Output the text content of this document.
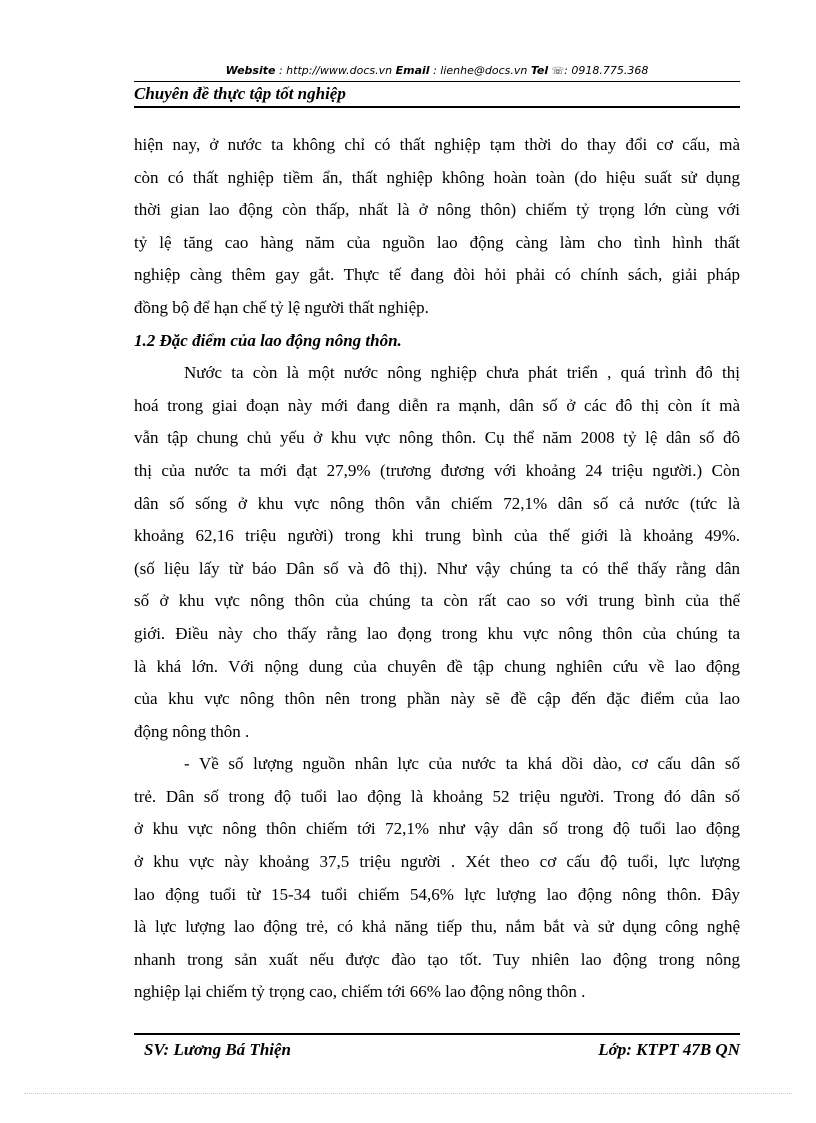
Website : http://www.docs.vn Email : lienhe@docs.vn Tel ☏: 0918.775.368
Chuyên đề thực tập tốt nghiệp
hiện nay, ở nước ta không chỉ có thất nghiệp tạm thời do thay đổi cơ cấu, mà
còn có thất nghiệp tiềm ẩn, thất nghiệp không hoàn toàn (do hiệu suất sử dụng
thời gian lao động còn thấp, nhất là ở nông thôn) chiếm tỷ trọng lớn cùng với
tỷ lệ tăng cao hàng năm của nguồn lao động càng làm cho tình hình thất
nghiệp càng thêm gay gắt. Thực tế đang đòi hỏi phải có chính sách, giải pháp
đồng bộ để hạn chế tỷ lệ người thất nghiệp.
1.2 Đặc điểm của lao động nông thôn.
Nước ta còn là một nước nông nghiệp chưa phát triển , quá trình đô thị
hoá trong giai đoạn này mới đang diễn ra mạnh, dân số ở các đô thị còn ít mà
vẫn tập chung chủ yếu ở khu vực nông thôn. Cụ thể năm 2008 tỷ lệ dân số đô
thị của nước ta mới đạt 27,9% (trương đương với khoảng 24 triệu người.) Còn
dân số sống ở khu vực nông thôn vẫn chiếm 72,1% dân số cả nước (tức là
khoảng 62,16 triệu người) trong khi trung bình của thế giới là khoảng 49%.
(số liệu lấy từ báo Dân số và đô thị). Như vậy chúng ta có thể thấy rằng dân
số ở khu vực nông thôn của chúng ta còn rất cao so với trung bình của thế
giới. Điều này cho thấy rằng lao đọng trong khu vực nông thôn của chúng ta
là khá lớn. Với nộng dung của chuyên đề tập chung nghiên cứu về lao động
của khu vực nông thôn nên trong phần này sẽ đề cập đến đặc điểm của lao
động nông thôn .
- Về số lượng nguồn nhân lực của nước ta khá dồi dào, cơ cấu dân số
trẻ. Dân số trong độ tuổi lao động là khoảng 52 triệu người. Trong đó dân số
ở khu vực nông thôn chiếm tới 72,1% như vậy dân số trong độ tuổi lao động
ở khu vực này khoảng 37,5 triệu người . Xét theo cơ cấu độ tuổi, lực lượng
lao động tuổi từ 15-34 tuổi chiếm 54,6% lực lượng lao động nông thôn. Đây
là lực lượng lao động trẻ, có khả năng tiếp thu, nắm bắt và sử dụng công nghệ
nhanh trong sản xuất nếu được đào tạo tốt. Tuy nhiên lao động trong nông
nghiệp lại chiếm tỷ trọng cao, chiếm tới 66% lao động nông thôn .
SV: Lương Bá Thiện	Lớp: KTPT 47B QN
